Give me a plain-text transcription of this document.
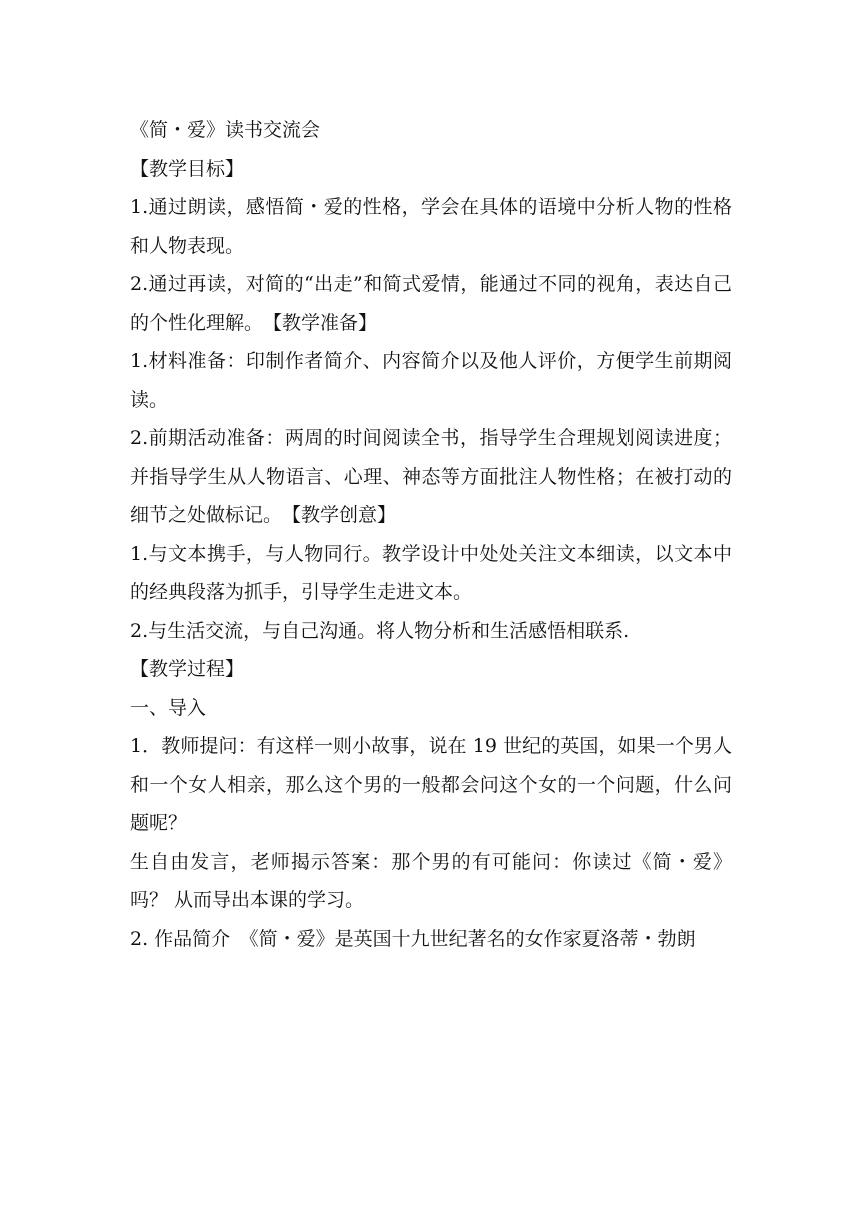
《简・爱》读书交流会

【教学目标】

1.通过朗读，感悟简・爱的性格，学会在具体的语境中分析人物的性格和人物表现。

2.通过再读，对简的“出走”和简式爱情，能通过不同的视角，表达自己的个性化理解。　【教学准备】

1.材料准备：印制作者简介、内容简介以及他人评价，方便学生前期阅读。

2.前期活动准备：两周的时间阅读全书，指导学生合理规划阅读进度；并指导学生从人物语言、心理、神态等方面批注人物性格；在被打动的细节之处做标记。　【教学创意】

1.与文本携手，与人物同行。教学设计中处处关注文本细读，以文本中的经典段落为抓手，引导学生走进文本。

2.与生活交流，与自己沟通。将人物分析和生活感悟相联系.

【教学过程】

一、导入

1．教师提问：有这样一则小故事，说在 19 世纪的英国，如果一个男人和一个女人相亲，那么这个男的一般都会问这个女的一个问题，什么问题呢？

生自由发言，老师揭示答案：那个男的有可能问：你读过《简・爱》吗？ 从而导出本课的学习。

2. 作品简介　《简・爱》是英国十九世纪著名的女作家夏洛蒂・勃朗
